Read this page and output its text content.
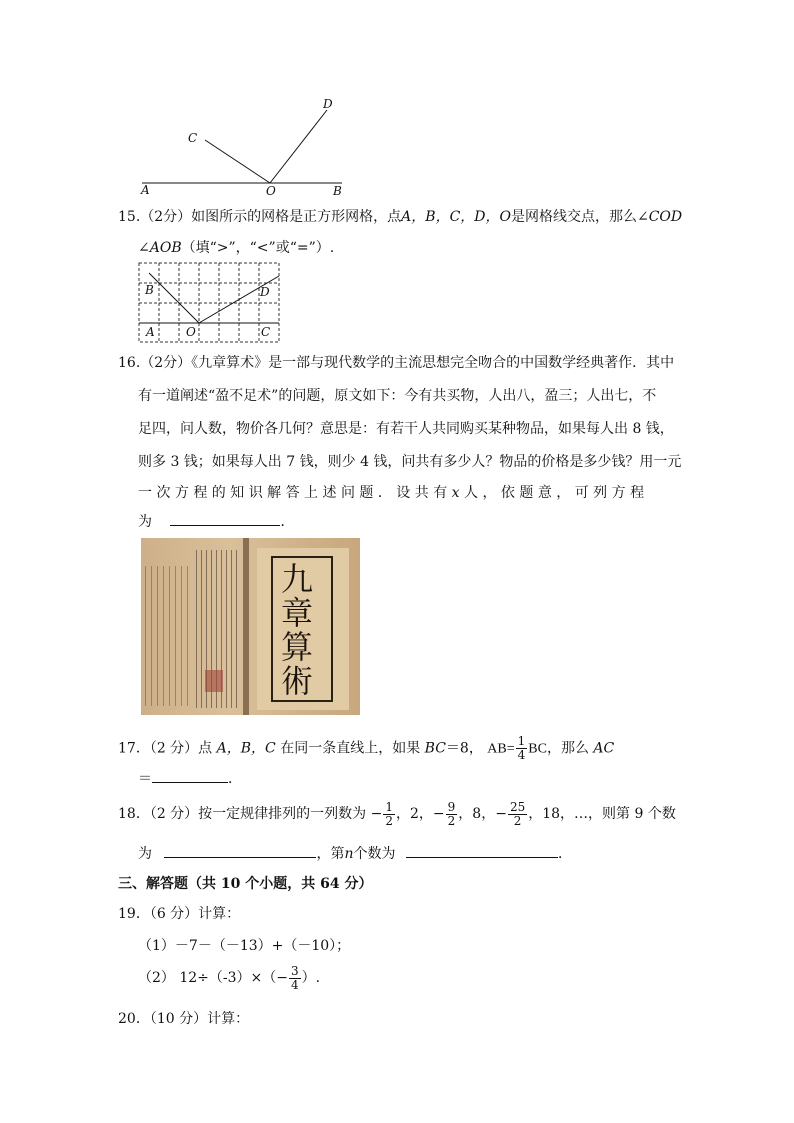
C
D
A	O	B
15.（2分）如图所示的网格是正方形网格，点A，B，C，D，O是网格线交点，那么∠COD
∠AOB（填“>”，“<”或“=”）.
B	D
A	O	C
16.（2分）《九章算术》是一部与现代数学的主流思想完全吻合的中国数学经典著作．其中
有一道阐述“盈不足术”的问题，原文如下：今有共买物，人出八，盈三；人出七，不
足四，问人数，物价各几何？意思是：有若干人共同购买某种物品，如果每人出 8 钱，
则多 3 钱；如果每人出 7 钱，则少 4 钱，问共有多少人？物品的价格是多少钱？用一元
一 次 方 程 的 知 识 解 答 上 述 问 题 ． 设 共 有 x 人 ， 依 题 意 ， 可 列 方 程
为	．
九
章
算
術
17．（2 分）点 A，B，C 在同一条直线上，如果 BC＝8， $AB= \frac{1}{4}$ BC，那么 AC
＝	．
18．（2 分）按一定规律排列的一列数为 − $\frac{1}{2}$ ，2，− $\frac{9}{2}$ ，8，− $\frac{25}{2}$ ，18，…，则第 9 个数
为	，第n个数为	．
三、解答题（共 10 个小题，共 64 分）
19．（6 分）计算：
（1）－7－（－13）+（－10）；
（2） $12\div(-3)\times(- \frac{3}{4}$ ）.
20．（10 分）计算：
